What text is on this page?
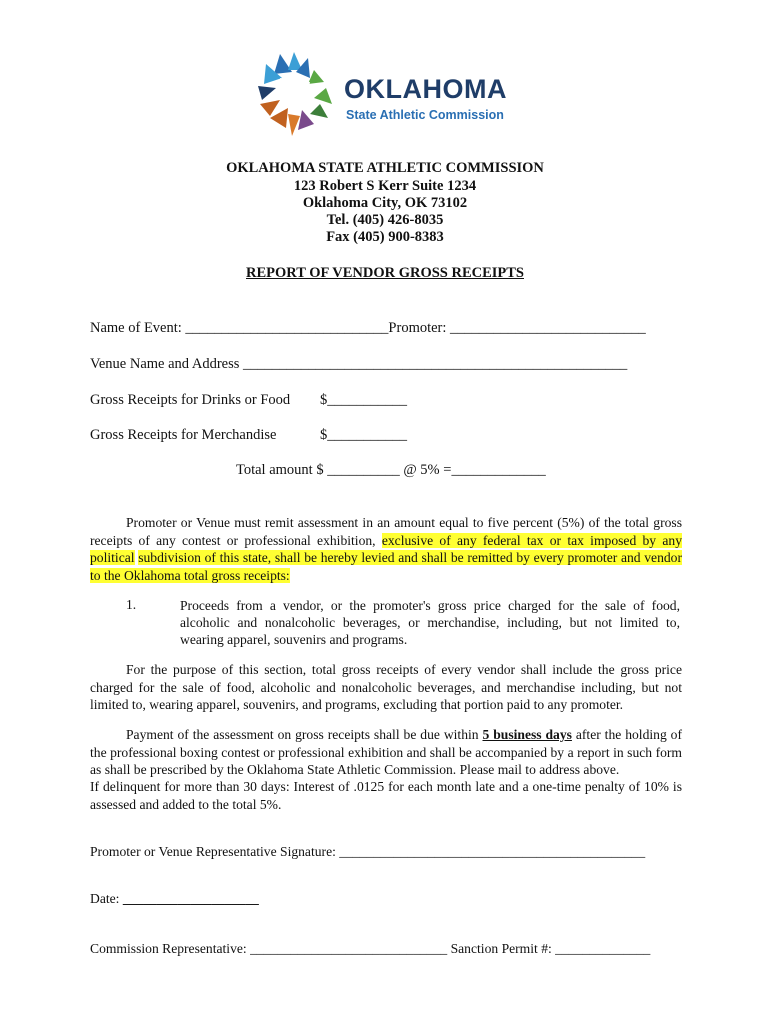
OKLAHOMA
State Athletic Commission
OKLAHOMA STATE ATHLETIC COMMISSION
123 Robert S Kerr Suite 1234
Oklahoma City, OK 73102
Tel. (405) 426-8035
Fax (405) 900-8383
REPORT OF VENDOR GROSS RECEIPTS
Name of Event: ____________________________Promoter: ___________________________
Venue Name and Address _____________________________________________________
Gross Receipts for Drinks or Food $___________
Gross Receipts for Merchandise	$___________
Total amount $ __________ @ 5% =_____________
Promoter or Venue must remit assessment in an amount equal to five percent (5%) of the total gross receipts of any contest or professional exhibition, exclusive of any federal tax or tax imposed by any political subdivision of this state, shall be hereby levied and shall be remitted by every promoter and vendor to the Oklahoma total gross receipts:
1.	Proceeds from a vendor, or the promoter's gross price charged for the sale of food, alcoholic and nonalcoholic beverages, or merchandise, including, but not limited to, wearing apparel, souvenirs and programs.
For the purpose of this section, total gross receipts of every vendor shall include the gross price charged for the sale of food, alcoholic and nonalcoholic beverages, and merchandise including, but not limited to, wearing apparel, souvenirs, and programs, excluding that portion paid to any promoter.
Payment of the assessment on gross receipts shall be due within 5 business days after the holding of the professional boxing contest or professional exhibition and shall be accompanied by a report in such form as shall be prescribed by the Oklahoma State Athletic Commission. Please mail to address above.
If delinquent for more than 30 days: Interest of .0125 for each month late and a one-time penalty of 10% is assessed and added to the total 5%.
Promoter or Venue Representative Signature: _____________________________________________
Date: ____________________
Commission Representative: _____________________________ Sanction Permit #: ______________
